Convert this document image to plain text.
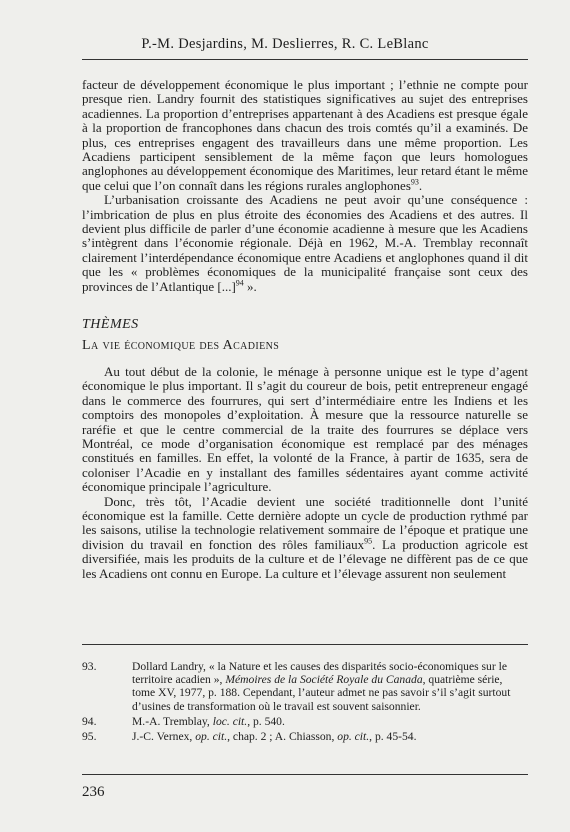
P.-M. Desjardins, M. Deslierres, R. C. LeBlanc

facteur de développement économique le plus important ; l’ethnie ne compte pour presque rien. Landry fournit des statistiques significatives au sujet des entreprises acadiennes. La proportion d’entreprises appartenant à des Acadiens est presque égale à la proportion de francophones dans chacun des trois comtés qu’il a examinés. De plus, ces entreprises engagent des travailleurs dans une même proportion. Les Acadiens participent sensiblement de la même façon que leurs homologues anglophones au développement économique des Maritimes, leur retard étant le même que celui que l’on connaît dans les régions rurales anglophones$^{93}$.

L’urbanisation croissante des Acadiens ne peut avoir qu’une conséquence : l’imbrication de plus en plus étroite des économies des Acadiens et des autres. Il devient plus difficile de parler d’une économie acadienne à mesure que les Acadiens s’intègrent dans l’économie régionale. Déjà en 1962, M.-A. Tremblay reconnaît clairement l’interdépendance économique entre Acadiens et anglophones quand il dit que les « problèmes économiques de la municipalité française sont ceux des provinces de l’Atlantique [...]$^{94}$ ».

THÈMES

La vie économique des Acadiens

Au tout début de la colonie, le ménage à personne unique est le type d’agent économique le plus important. Il s’agit du coureur de bois, petit entrepreneur engagé dans le commerce des fourrures, qui sert d’intermédiaire entre les Indiens et les comptoirs des monopoles d’exploitation. À mesure que la ressource naturelle se raréfie et que le centre commercial de la traite des fourrures se déplace vers Montréal, ce mode d’organisation économique est remplacé par des ménages constitués en familles. En effet, la volonté de la France, à partir de 1635, sera de coloniser l’Acadie en y installant des familles sédentaires ayant comme activité économique principale l’agriculture.

Donc, très tôt, l’Acadie devient une société traditionnelle dont l’unité économique est la famille. Cette dernière adopte un cycle de production rythmé par les saisons, utilise la technologie relativement sommaire de l’époque et pratique une division du travail en fonction des rôles familiaux$^{95}$. La production agricole est diversifiée, mais les produits de la culture et de l’élevage ne diffèrent pas de ce que les Acadiens ont connu en Europe. La culture et l’élevage assurent non seulement

93.	Dollard Landry, « la Nature et les causes des disparités socio-économiques sur le territoire acadien », Mémoires de la Société Royale du Canada, quatrième série, tome XV, 1977, p. 188. Cependant, l’auteur admet ne pas savoir s’il s’agit surtout d’usines de transformation où le travail est souvent saisonnier.
94.	M.-A. Tremblay, loc. cit., p. 540.
95.	J.-C. Vernex, op. cit., chap. 2 ; A. Chiasson, op. cit., p. 45-54.
236
